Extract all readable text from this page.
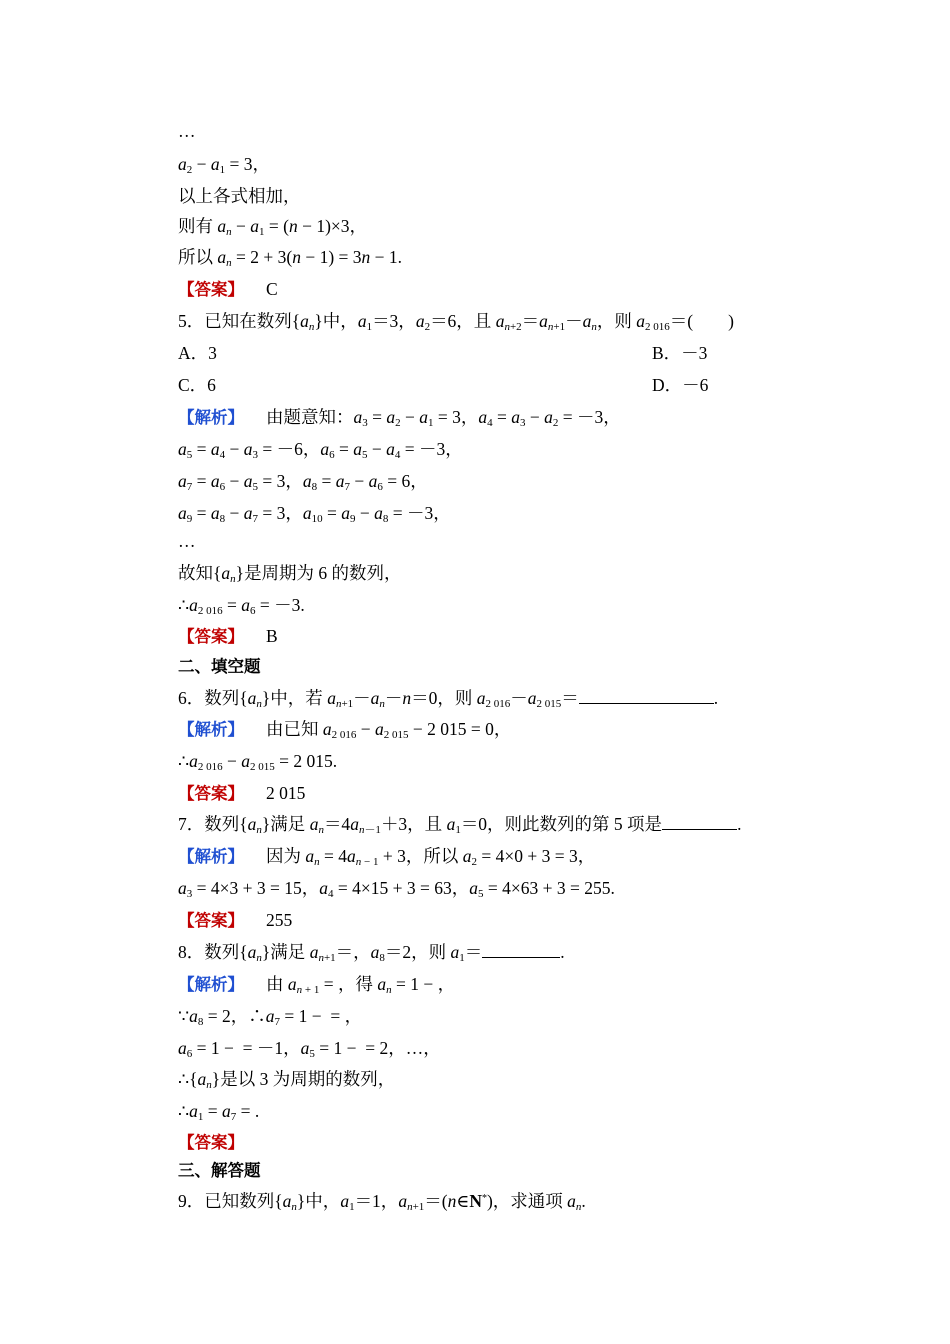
…
$a_2 - a_1 = 3$，
以上各式相加，
则有 $a_n - a_1 = (n - 1)\times 3$，
所以 $a_n = 2 + 3(n - 1) = 3n - 1$.
【答案】 C
5．已知在数列$\{a_n\}$中，$a_1=3$，$a_2=6$，且 $a_{n+2}=a_{n+1}-a_n$，则 $a_{2 016}=$(　　)
A．3	B．－3
C．6	D．－6
【解析】 由题意知：$a_3 = a_2 - a_1 = 3$，$a_4 = a_3 - a_2 = -3$，
$a_5 = a_4 - a_3 = -6$，$a_6 = a_5 - a_4 = -3$，
$a_7 = a_6 - a_5 = 3$，$a_8 = a_7 - a_6 = 6$，
$a_9 = a_8 - a_7 = 3$，$a_{10} = a_9 - a_8 = -3$，
…
故知$\{a_n\}$是周期为 6 的数列，
$\therefore a_{2 016} = a_6 = -3$.
【答案】 B
二、填空题
6．数列$\{a_n\}$中，若 $a_{n+1}-a_n-n=0$，则 $a_{2 016}-a_{2 015}=$	.
【解析】 由已知 $a_{2 016} - a_{2 015} - 2$ 015 = 0，
$\therefore a_{2 016} - a_{2 015} = 2$ 015.
【答案】 2 015
7．数列$\{a_n\}$满足 $a_n=4a_{n-1}+3$，且 $a_1=0$，则此数列的第 5 项是	.
【解析】 因为 $a_n = 4a_{n - 1} + 3$，所以 $a_2 = 4\times 0 + 3 = 3$，
$a_3 = 4\times 3 + 3 = 15$，$a_4 = 4\times 15 + 3 = 63$，$a_5 = 4\times 63 + 3 = 255$.
【答案】 255
8．数列$\{a_n\}$满足 $a_{n+1}=$，$a_8=2$，则 $a_1=$	.
【解析】 由 $a_{n + 1}$ = ，得 $a_n = 1$ − ，
$\because a_8 = 2$，$\therefore a_7 = 1$ −  = ，
$a_6 = 1$ −  = －1，$a_5 = 1$ −  = 2，…，
$\therefore\{a_n\}$是以 3 为周期的数列，
$\therefore a_1 = a_7$ = .
【答案】
三、解答题
9．已知数列$\{a_n\}$中，$a_1=1$，$a_{n+1}=(n\in N^*)$，求通项 $a_n$.
